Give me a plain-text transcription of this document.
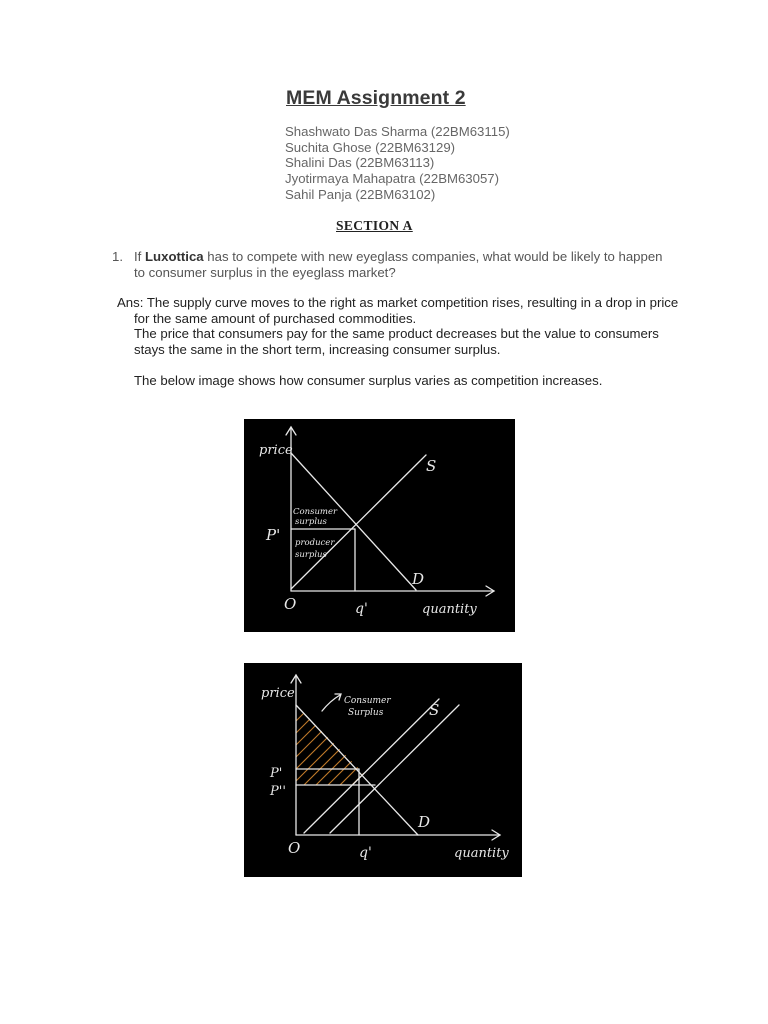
MEM Assignment 2
Shashwato Das Sharma (22BM63115)
Suchita Ghose (22BM63129)
Shalini Das (22BM63113)
Jyotirmaya Mahapatra (22BM63057)
Sahil Panja (22BM63102)
SECTION A
1. If Luxottica has to compete with new eyeglass companies, what would be likely to happen to consumer surplus in the eyeglass market?

Ans: The supply curve moves to the right as market competition rises, resulting in a drop in price for the same amount of purchased commodities.

The price that consumers pay for the same product decreases but the value to consumers stays the same in the short term, increasing consumer surplus.

The below image shows how consumer surplus varies as competition increases.

price
S
D
P'
q'
O	quantity
Consumer
surplus
producer
surplus
price
S
D
P'
P''
q'
O	quantity
Consumer
Surplus
